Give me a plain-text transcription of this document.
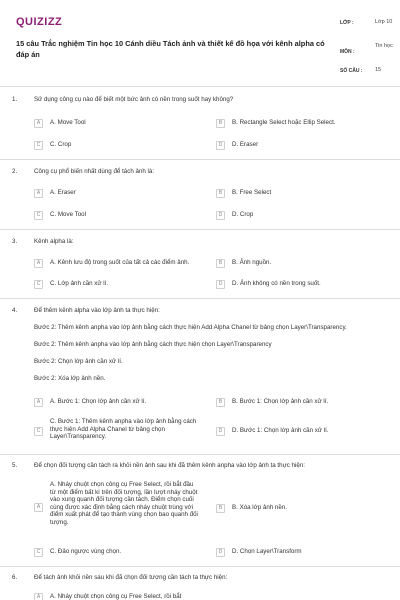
QUIZIZZ
15 câu Trắc nghiệm Tin học 10 Cánh diều Tách ảnh và thiết kế đồ họa với kênh alpha có đáp án
LỚP :	Lớp 10
MÔN :
Tin học
SỐ CÂU : 15
1.	Sử dụng công cụ nào để biết một bức ảnh có nền trong suốt hay không?
A	A. Move Tool	B	B. Rectangle Select hoặc Ellip Select.
C	C. Crop	D	D. Eraser
2.	Công cụ phổ biến nhất dùng để tách ảnh là:
A	A. Eraser	B	B. Free Select
C	C. Move Tool	D	D. Crop
3.	Kênh alpha là:
A	A. Kênh lưu độ trong suốt của tất cả các điểm ảnh.	B	B. Ảnh nguồn.
C	C. Lớp ảnh cần xử lí.	D	D. Ảnh không có nền trong suốt.
4.	Để thêm kênh alpha vào lớp ảnh ta thực hiện:
Bước 2: Thêm kênh anpha vào lớp ảnh bằng cách thực hiện Add Alpha Chanel từ bảng chọn Layer\Transparency.
Bước 2: Thêm kênh anpha vào lớp ảnh bằng cách thực hiện chọn Layer\Transparency
Bước 2: Chọn lớp ảnh cần xử lí.
Bước 2: Xóa lớp ảnh nền.
A	A. Bước 1: Chọn lớp ảnh cần xử lí.	B	B. Bước 1: Chọn lớp ảnh cần xử lí.
C
C. Bước 1: Thêm kênh anpha vào lớp ảnh bằng cách thực hiện Add Alpha Chanel từ bảng chọn Layer\Transparency.
D	D. Bước 1: Chọn lớp ảnh cần xử lí.
5.	Để chọn đối tượng cần tách ra khỏi nền ảnh sau khi đã thêm kênh anpha vào lớp ảnh ta thực hiện:
A
A. Nháy chuột chọn công cụ Free Select, rồi bắt đầu từ một điểm bất kì trên đối tượng, lần lượt nháy chuột vào xung quanh đối tượng cần tách. Điểm chọn cuối cùng được xác định bằng cách nháy chuột trùng với điểm xuất phát để tạo thành vùng chọn bao quanh đối tượng.
B	B. Xóa lớp ảnh nền.
C	C. Đảo ngược vùng chọn.	D	D. Chọn Layer\Transform
6.	Để tách ảnh khỏi nền sau khi đã chọn đối tượng cần tách ta thực hiện:
A	A. Nháy chuột chọn công cụ Free Select, rồi bắt
